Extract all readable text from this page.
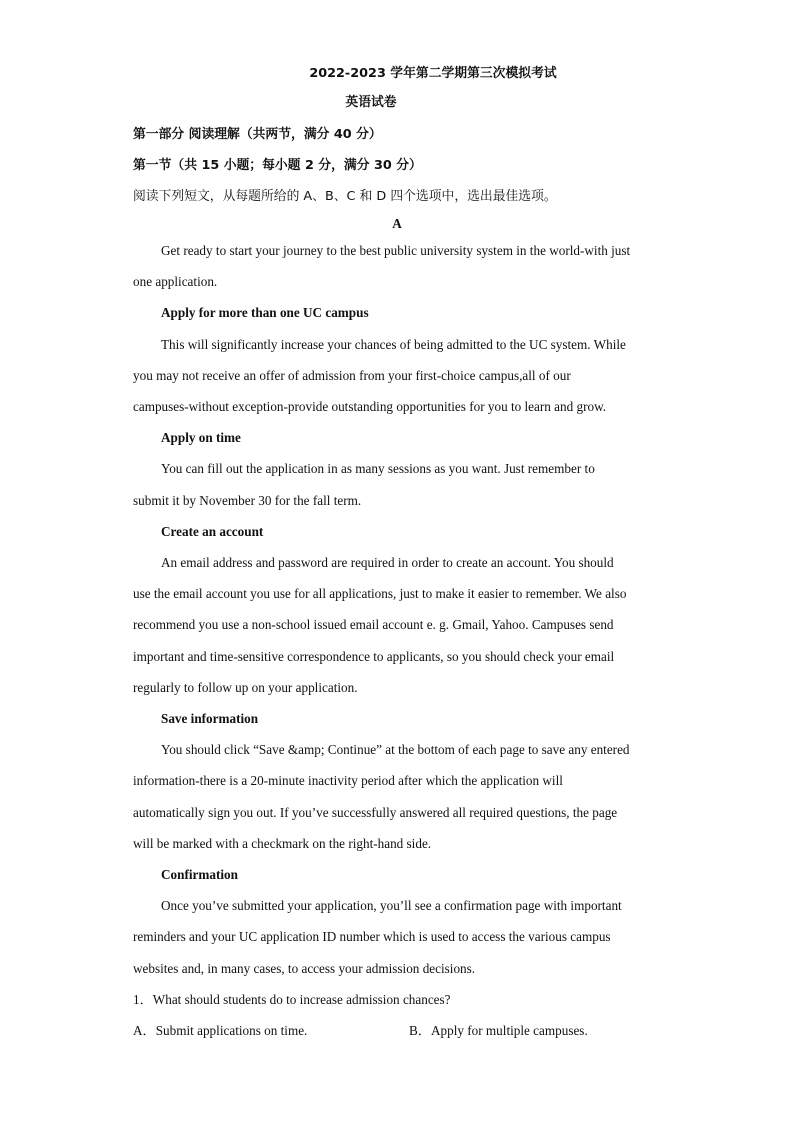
2022-2023 学年第二学期第三次模拟考试
英语试卷
第一部分 阅读理解（共两节，满分 40 分）
第一节（共 15 小题；每小题 2 分，满分 30 分）
阅读下列短文，从每题所给的 A、B、C 和 D 四个选项中，选出最佳选项。
A
Get ready to start your journey to the best public university system in the world-with just
one application.
Apply for more than one UC campus
This will significantly increase your chances of being admitted to the UC system. While
you may not receive an offer of admission from your first-choice campus,all of our
campuses-without exception-provide outstanding opportunities for you to learn and grow.
Apply on time
You can fill out the application in as many sessions as you want. Just remember to
submit it by November 30 for the fall term.
Create an account
An email address and password are required in order to create an account. You should
use the email account you use for all applications, just to make it easier to remember. We also
recommend you use a non-school issued email account e. g. Gmail, Yahoo. Campuses send
important and time-sensitive correspondence to applicants, so you should check your email
regularly to follow up on your application.
Save information
You should click “Save &amp; Continue” at the bottom of each page to save any entered
information-there is a 20-minute inactivity period after which the application will
automatically sign you out. If you’ve successfully answered all required questions, the page
will be marked with a checkmark on the right-hand side.
Confirmation
Once you’ve submitted your application, you’ll see a confirmation page with important
reminders and your UC application ID number which is used to access the various campus
websites and, in many cases, to access your admission decisions.
1．What should students do to increase admission chances?
A．Submit applications on time.	B．Apply for multiple campuses.
